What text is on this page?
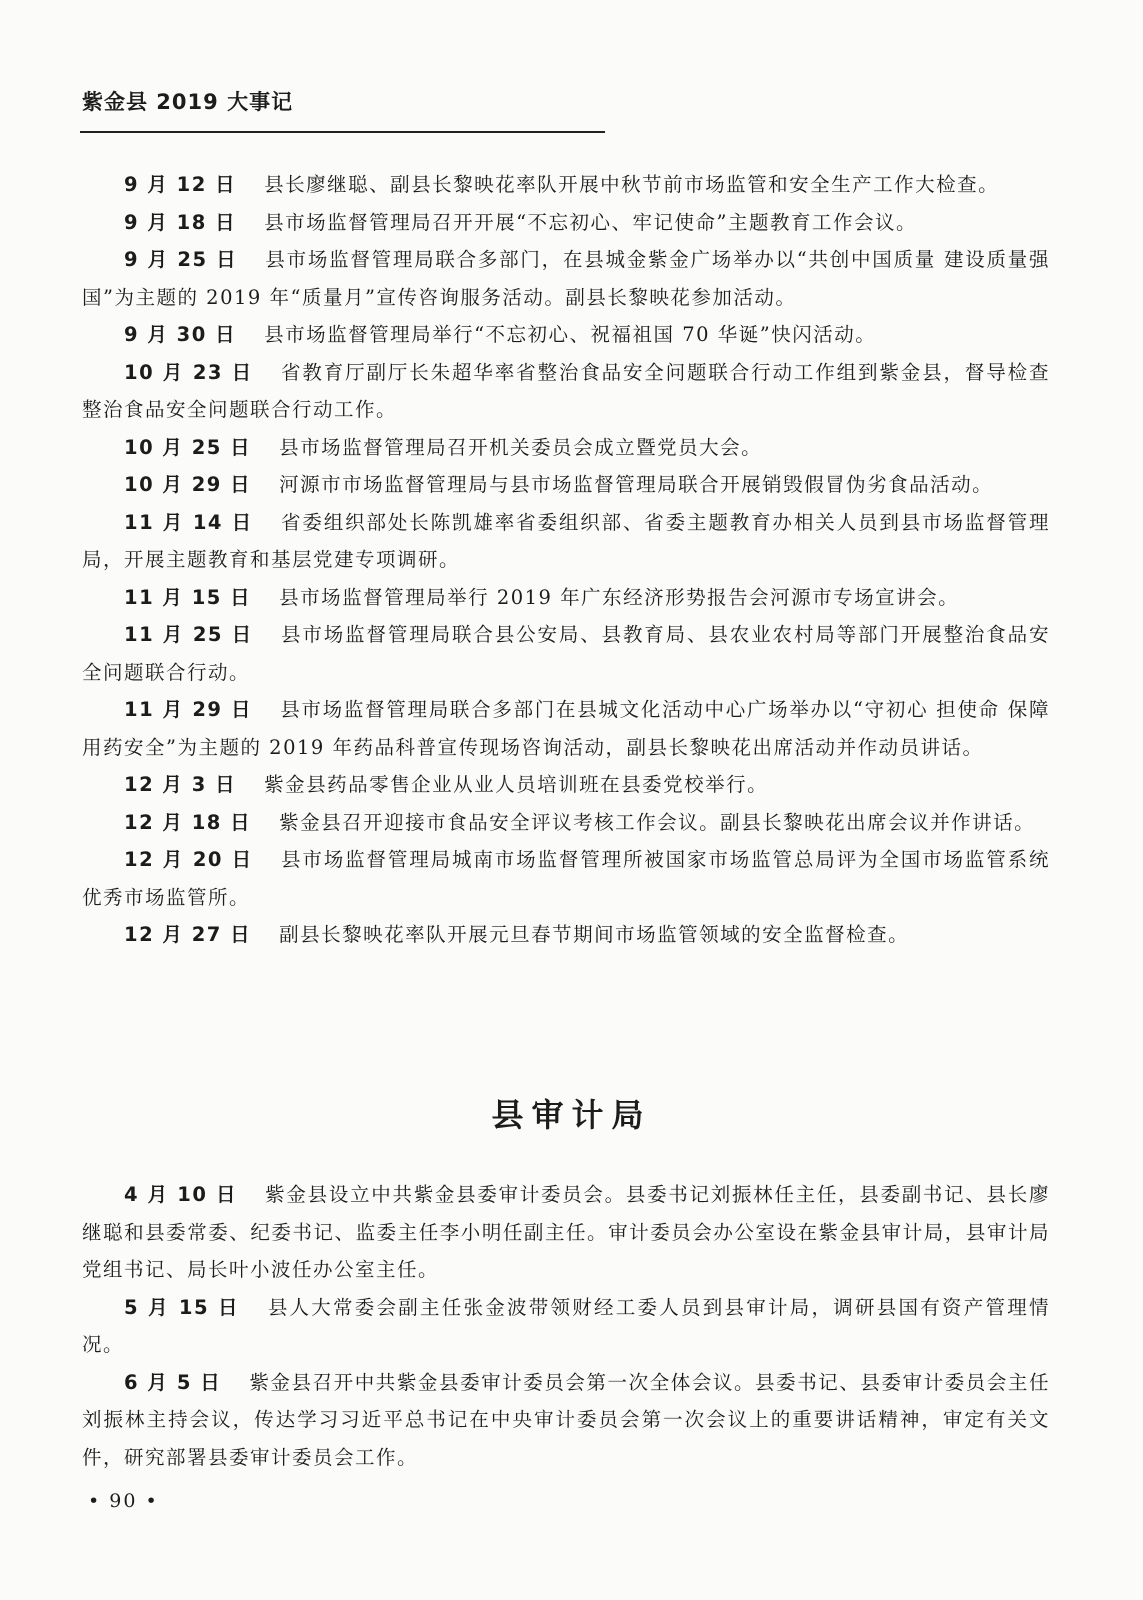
紫金县 2019 大事记

9 月 12 日 县长廖继聪、副县长黎映花率队开展中秋节前市场监管和安全生产工作大检查。

9 月 18 日 县市场监督管理局召开开展“不忘初心、牢记使命”主题教育工作会议。

9 月 25 日 县市场监督管理局联合多部门，在县城金紫金广场举办以“共创中国质量 建设质量强国”为主题的 2019 年“质量月”宣传咨询服务活动。副县长黎映花参加活动。

9 月 30 日 县市场监督管理局举行“不忘初心、祝福祖国 70 华诞”快闪活动。

10 月 23 日 省教育厅副厅长朱超华率省整治食品安全问题联合行动工作组到紫金县，督导检查整治食品安全问题联合行动工作。

10 月 25 日 县市场监督管理局召开机关委员会成立暨党员大会。

10 月 29 日 河源市市场监督管理局与县市场监督管理局联合开展销毁假冒伪劣食品活动。

11 月 14 日 省委组织部处长陈凯雄率省委组织部、省委主题教育办相关人员到县市场监督管理局，开展主题教育和基层党建专项调研。

11 月 15 日 县市场监督管理局举行 2019 年广东经济形势报告会河源市专场宣讲会。

11 月 25 日 县市场监督管理局联合县公安局、县教育局、县农业农村局等部门开展整治食品安全问题联合行动。

11 月 29 日 县市场监督管理局联合多部门在县城文化活动中心广场举办以“守初心 担使命 保障用药安全”为主题的 2019 年药品科普宣传现场咨询活动，副县长黎映花出席活动并作动员讲话。

12 月 3 日 紫金县药品零售企业从业人员培训班在县委党校举行。

12 月 18 日 紫金县召开迎接市食品安全评议考核工作会议。副县长黎映花出席会议并作讲话。

12 月 20 日 县市场监督管理局城南市场监督管理所被国家市场监管总局评为全国市场监管系统优秀市场监管所。

12 月 27 日 副县长黎映花率队开展元旦春节期间市场监管领域的安全监督检查。

县审计局

4 月 10 日 紫金县设立中共紫金县委审计委员会。县委书记刘振林任主任，县委副书记、县长廖继聪和县委常委、纪委书记、监委主任李小明任副主任。审计委员会办公室设在紫金县审计局，县审计局党组书记、局长叶小波任办公室主任。

5 月 15 日 县人大常委会副主任张金波带领财经工委人员到县审计局，调研县国有资产管理情况。

6 月 5 日 紫金县召开中共紫金县委审计委员会第一次全体会议。县委书记、县委审计委员会主任刘振林主持会议，传达学习习近平总书记在中央审计委员会第一次会议上的重要讲话精神，审定有关文件，研究部署县委审计委员会工作。

• 90 •
